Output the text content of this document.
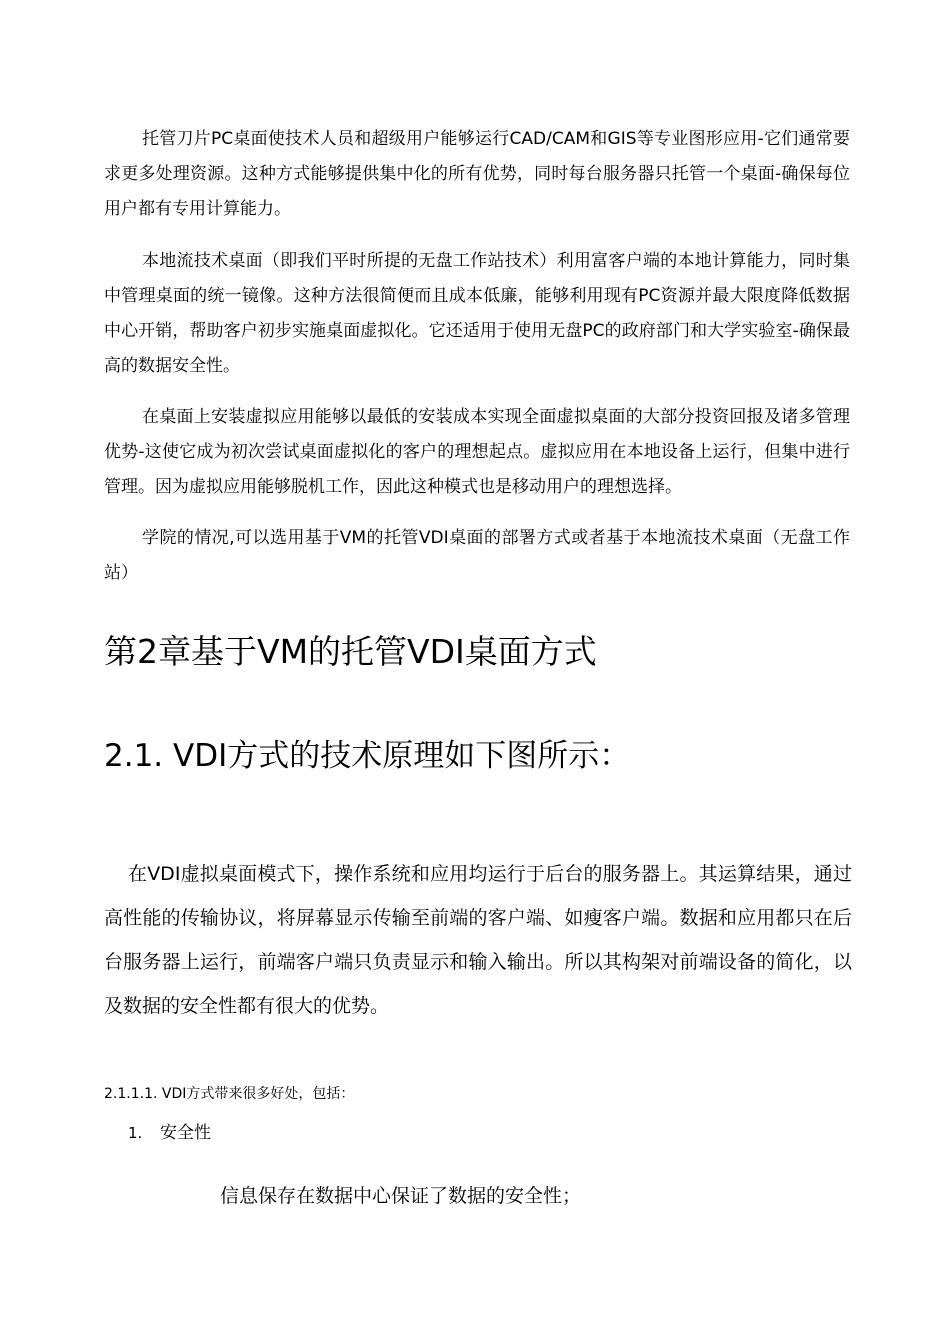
托管刀片PC桌面使技术人员和超级用户能够运行CAD/CAM和GIS等专业图形应用-它们通常要求更多处理资源。这种方式能够提供集中化的所有优势，同时每台服务器只托管一个桌面-确保每位用户都有专用计算能力。

本地流技术桌面（即我们平时所提的无盘工作站技术）利用富客户端的本地计算能力，同时集中管理桌面的统一镜像。这种方法很简便而且成本低廉，能够利用现有PC资源并最大限度降低数据中心开销，帮助客户初步实施桌面虚拟化。它还适用于使用无盘PC的政府部门和大学实验室-确保最高的数据安全性。

在桌面上安装虚拟应用能够以最低的安装成本实现全面虚拟桌面的大部分投资回报及诸多管理优势-这使它成为初次尝试桌面虚拟化的客户的理想起点。虚拟应用在本地设备上运行，但集中进行管理。因为虚拟应用能够脱机工作，因此这种模式也是移动用户的理想选择。

学院的情况,可以选用基于VM的托管VDI桌面的部署方式或者基于本地流技术桌面（无盘工作站）

第2章基于VM的托管VDI桌面方式
2.1. VDI方式的技术原理如下图所示：

在VDI虚拟桌面模式下，操作系统和应用均运行于后台的服务器上。其运算结果，通过高性能的传输协议，将屏幕显示传输至前端的客户端、如瘦客户端。数据和应用都只在后台服务器上运行，前端客户端只负责显示和输入输出。所以其构架对前端设备的简化，以及数据的安全性都有很大的优势。

2.1.1.1. VDI方式带来很多好处，包括：
1. 安全性

信息保存在数据中心保证了数据的安全性；
